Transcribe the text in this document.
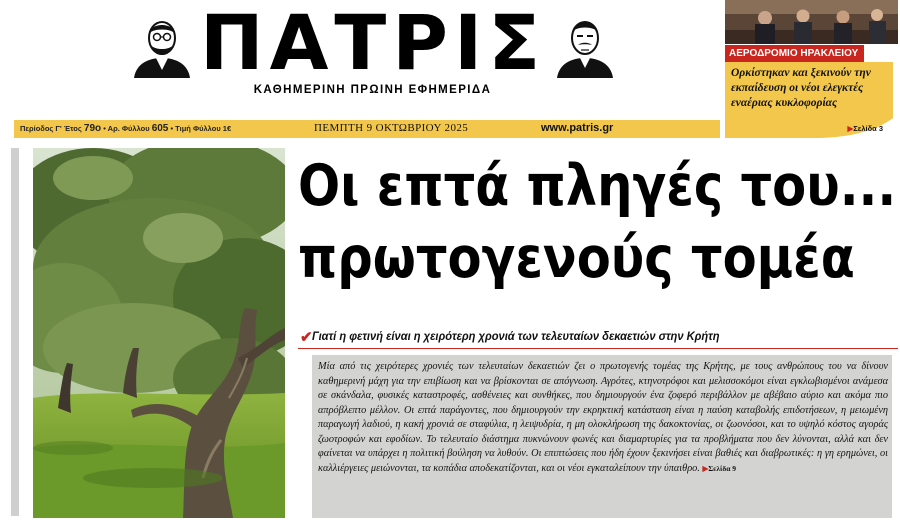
ΠΑΤΡΙΣ
ΚΑΘΗΜΕΡΙΝΗ ΠΡΩΙΝΗ ΕΦΗΜΕΡΙΔΑ
ΑΕΡΟΔΡΟΜΙΟ ΗΡΑΚΛΕΙΟΥ
Ορκίστηκαν και ξεκινούν την εκπαίδευση οι νέοι ελεγκτές εναέριας κυκλοφορίας
▶Σελίδα 3
Περίοδος Γ' Έτος 79ο • Αρ. Φύλλου 605 • Τιμή Φύλλου 1€	ΠΕΜΠΤΗ 9 ΟΚΤΩΒΡΙΟΥ 2025	www.patris.gr
Οι επτά πληγές του...
πρωτογενούς τομέα
✔ Γιατί η φετινή είναι η χειρότερη χρονιά των τελευταίων δεκαετιών στην Κρήτη

Μία από τις χειρότερες χρονιές των τελευταίων δεκαετιών ζει ο πρωτογενής τομέας της Κρήτης, με τους ανθρώπους του να δίνουν καθημερινή μάχη για την επιβίωση και να βρίσκονται σε απόγνωση. Αγρότες, κτηνοτρόφοι και μελισσοκόμοι είναι εγκλωβισμένοι ανάμεσα σε σκάνδαλα, φυσικές καταστροφές, ασθένειες και συνθήκες, που δημιουργούν ένα ζοφερό περιβάλλον με αβέβαιο αύριο και ακόμα πιο απρόβλεπτο μέλλον. Οι επτά παράγοντες, που δημιουργούν την εκρηκτική κατάσταση είναι η παύση καταβολής επιδοτήσεων, η μειωμένη παραγωγή λαδιού, η κακή χρονιά σε σταφύλια, η λειψυδρία, η μη ολοκλήρωση της δακοκτονίας, οι ζωονόσοι, και το υψηλό κόστος αγοράς ζωοτροφών και εφοδίων. Το τελευταίο διάστημα πυκνώνουν φωνές και διαμαρτυρίες για τα προβλήματα που δεν λύνονται, αλλά και δεν φαίνεται να υπάρχει η πολιτική βούληση να λυθούν. Οι επιπτώσεις που ήδη έχουν ξεκινήσει είναι βαθιές και διαβρωτικές: η γη ερημώνει, οι καλλιέργειες μειώνονται, τα κοπάδια αποδεκατίζονται, και οι νέοι εγκαταλείπουν την ύπαιθρο. ▶Σελίδα 9
